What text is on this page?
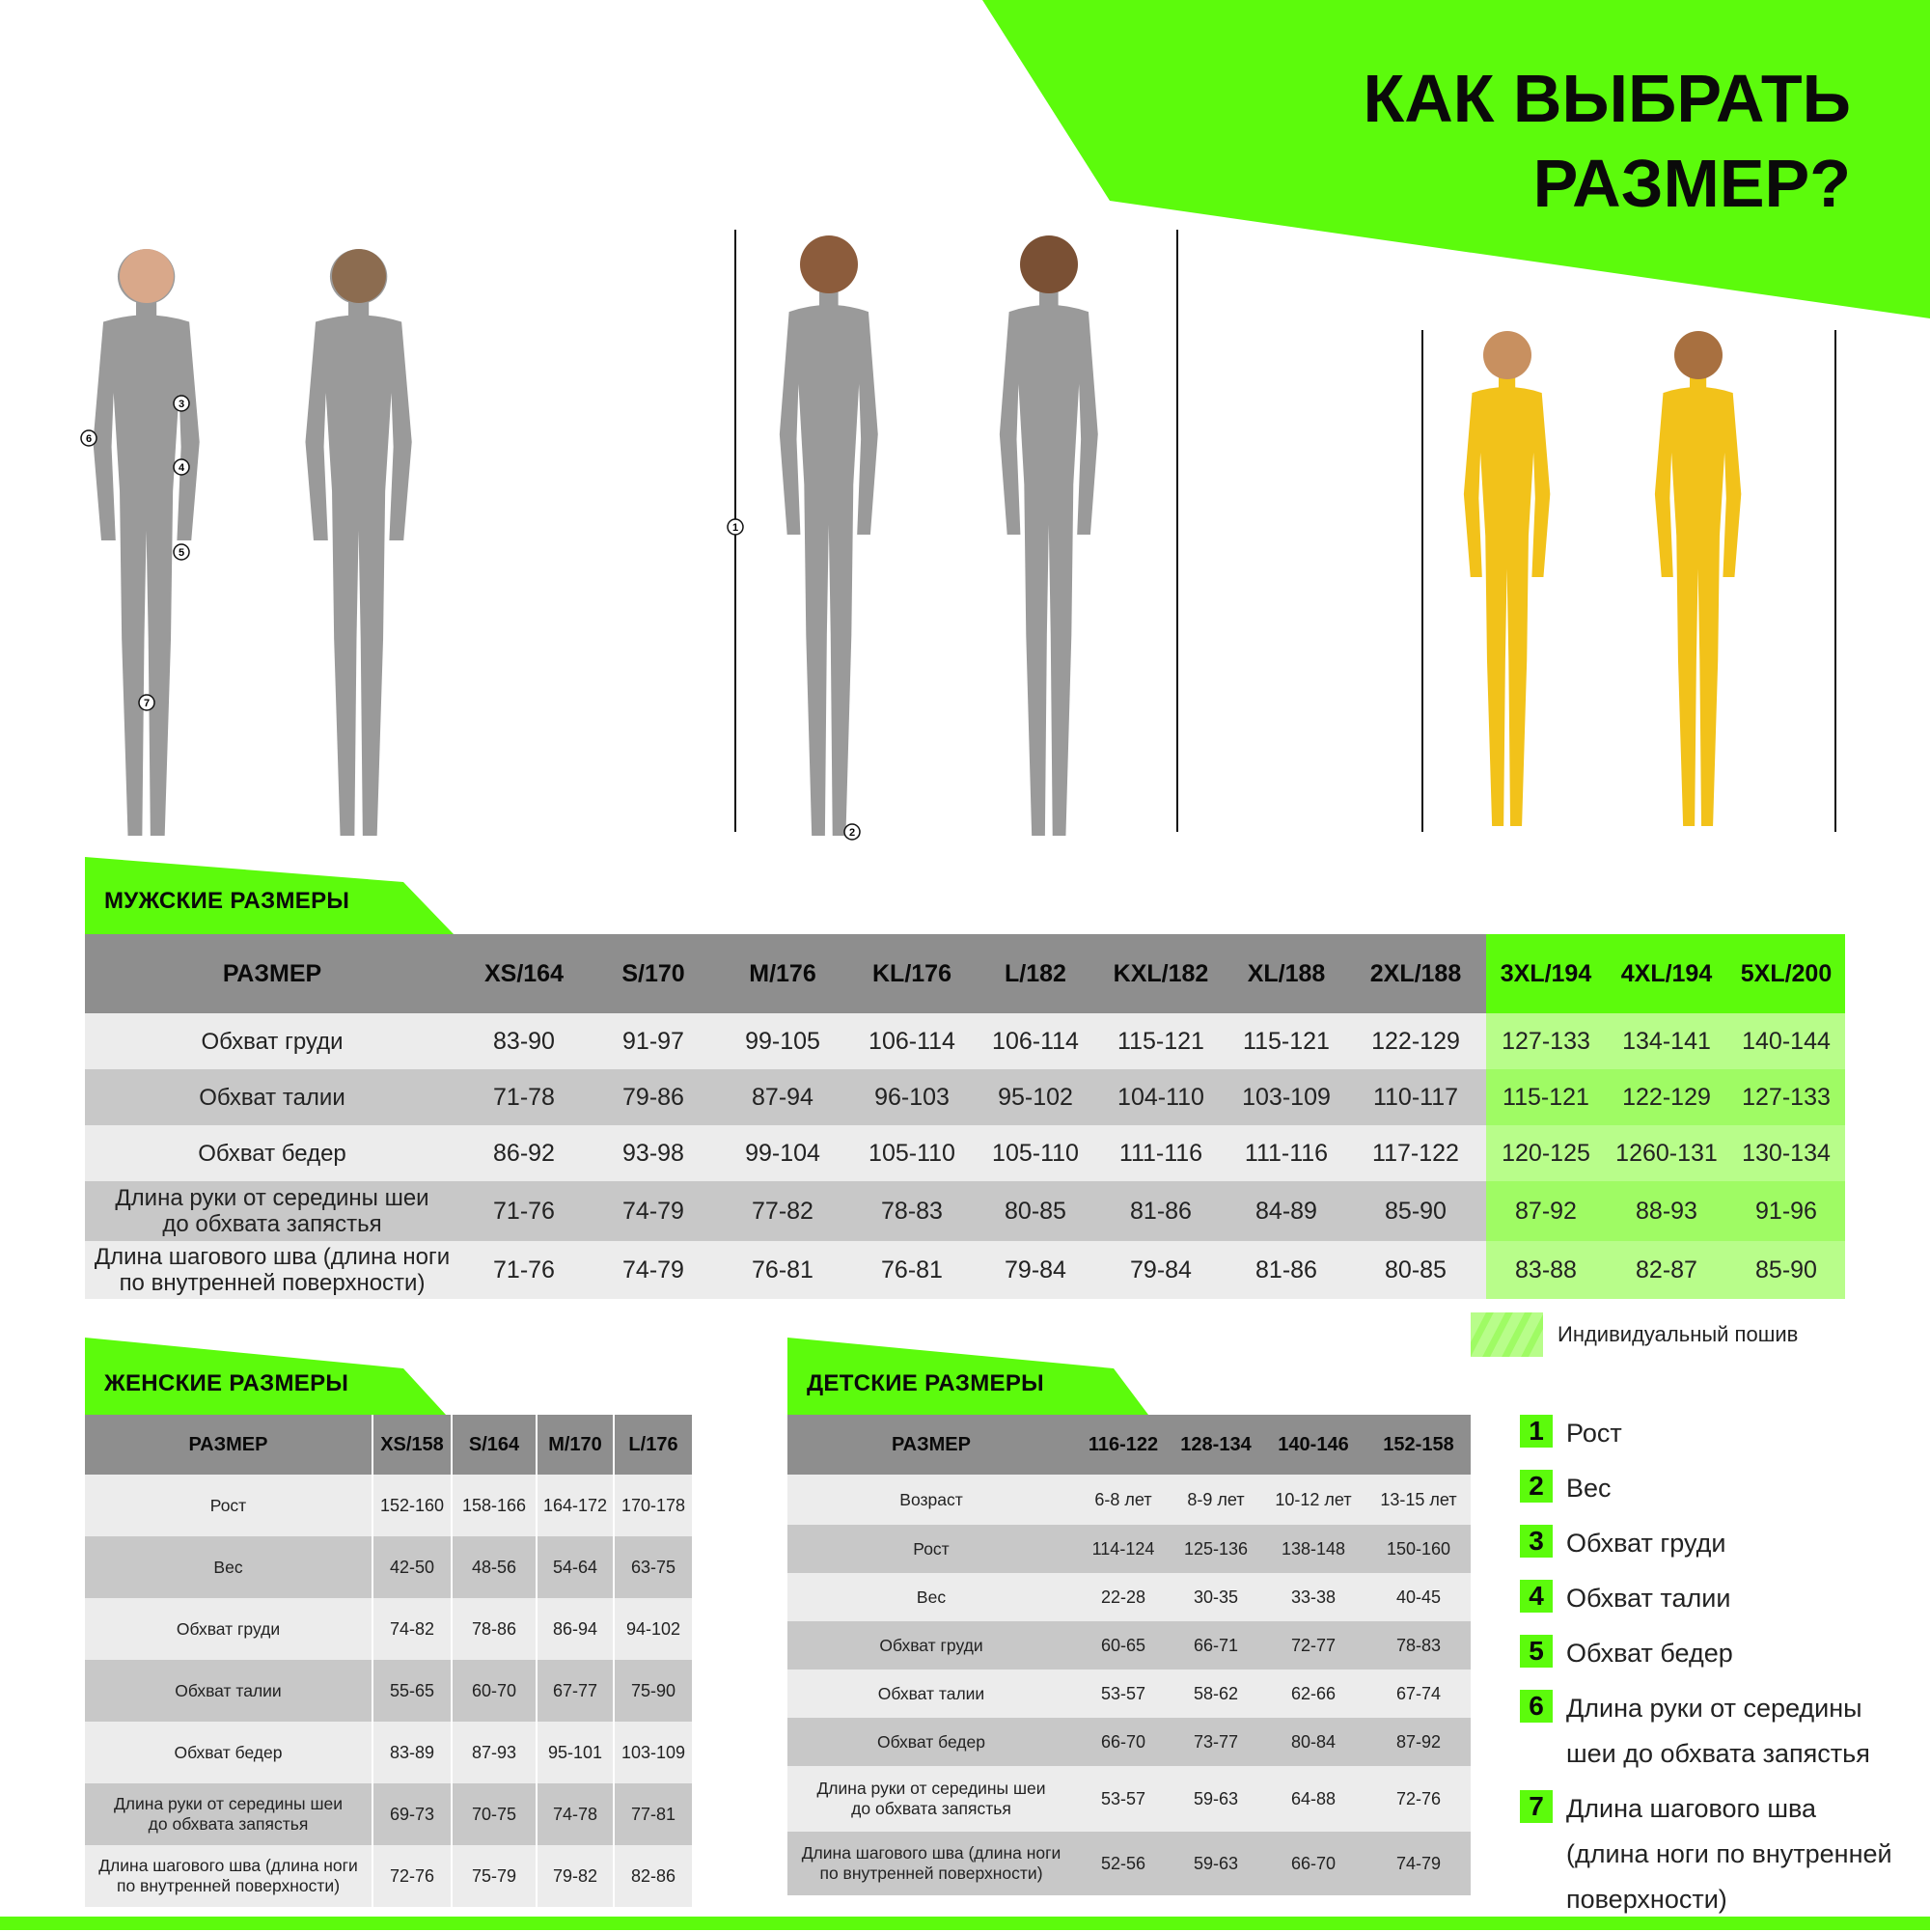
КАК ВЫБРАТЬ
РАЗМЕР?
3
4
5
6
7
1
2
МУЖСКИЕ РАЗМЕРЫ
РАЗМЕР	XS/164	S/170	M/176	KL/176	L/182	KXL/182	XL/188	2XL/188	3XL/194	4XL/194	5XL/200
Обхват груди	83-90	91-97	99-105	106-114	106-114	115-121	115-121	122-129	127-133	134-141	140-144
Обхват талии	71-78	79-86	87-94	96-103	95-102	104-110	103-109	110-117	115-121	122-129	127-133
Обхват бедер	86-92	93-98	99-104	105-110	105-110	111-116	111-116	117-122	120-125	1260-131	130-134
Длина руки от середины шеи
до обхвата запястья	71-76	74-79	77-82	78-83	80-85	81-86	84-89	85-90	87-92	88-93	91-96
Длина шагового шва (длина ноги
по внутренней поверхности)	71-76	74-79	76-81	76-81	79-84	79-84	81-86	80-85	83-88	82-87	85-90
Индивидуальный пошив
ЖЕНСКИЕ РАЗМЕРЫ
РАЗМЕР	XS/158	S/164	M/170	L/176
Рост	152-160	158-166	164-172	170-178
Вес	42-50	48-56	54-64	63-75
Обхват груди	74-82	78-86	86-94	94-102
Обхват талии	55-65	60-70	67-77	75-90
Обхват бедер	83-89	87-93	95-101	103-109
Длина руки от середины шеи
до обхвата запястья	69-73	70-75	74-78	77-81
Длина шагового шва (длина ноги
по внутренней поверхности)	72-76	75-79	79-82	82-86
ДЕТСКИЕ РАЗМЕРЫ
РАЗМЕР	116-122	128-134	140-146	152-158
Возраст	6-8 лет	8-9 лет	10-12 лет	13-15 лет
Рост	114-124	125-136	138-148	150-160
Вес	22-28	30-35	33-38	40-45
Обхват груди	60-65	66-71	72-77	78-83
Обхват талии	53-57	58-62	62-66	67-74
Обхват бедер	66-70	73-77	80-84	87-92
Длина руки от середины шеи
до обхвата запястья	53-57	59-63	64-88	72-76
Длина шагового шва (длина ноги
по внутренней поверхности)	52-56	59-63	66-70	74-79
1 Рост
2 Вес
3 Обхват груди
4 Обхват талии
5 Обхват бедер
6 Длина руки от середины
шеи до обхвата запястья
7 Длина шагового шва
(длина ноги по внутренней
поверхности)
